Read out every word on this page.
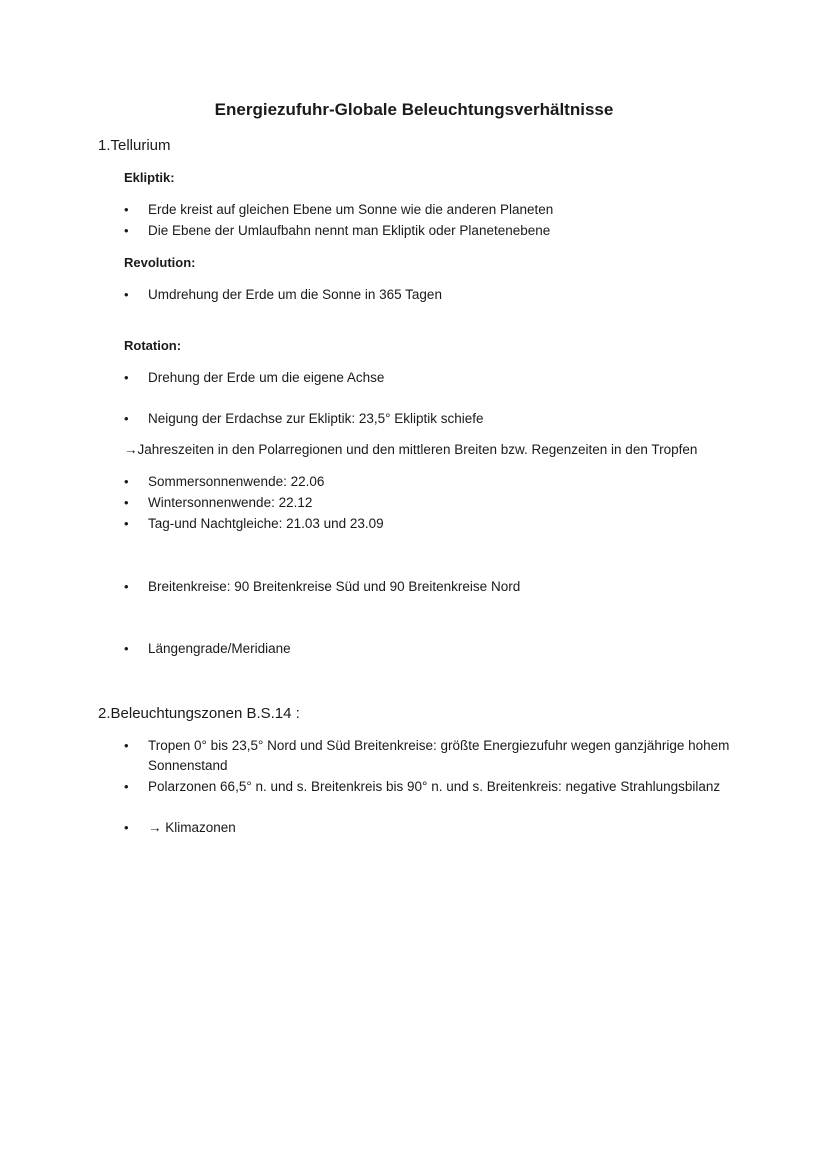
Energiezufuhr-Globale Beleuchtungsverhältnisse
1.Tellurium
Ekliptik:
•	Erde kreist auf gleichen Ebene um Sonne wie die anderen Planeten
•	Die Ebene der Umlaufbahn nennt man Ekliptik oder Planetenebene
Revolution:
•	Umdrehung der Erde um die Sonne in 365 Tagen
Rotation:
•	Drehung der Erde um die eigene Achse
•	Neigung der Erdachse zur Ekliptik: 23,5° Ekliptik schiefe

→Jahreszeiten in den Polarregionen und den mittleren Breiten bzw. Regenzeiten in den Tropfen

•	Sommersonnenwende: 22.06
•	Wintersonnenwende: 22.12
•	Tag-und Nachtgleiche: 21.03 und 23.09
•	Breitenkreise: 90 Breitenkreise Süd und 90 Breitenkreise Nord
•	Längengrade/Meridiane
2.Beleuchtungszonen B.S.14 :
•	Tropen 0° bis 23,5° Nord und Süd Breitenkreise: größte Energiezufuhr wegen ganzjährige hohem Sonnenstand
•	Polarzonen 66,5° n. und s. Breitenkreis bis 90° n. und s. Breitenkreis: negative Strahlungsbilanz
•	→ Klimazonen
